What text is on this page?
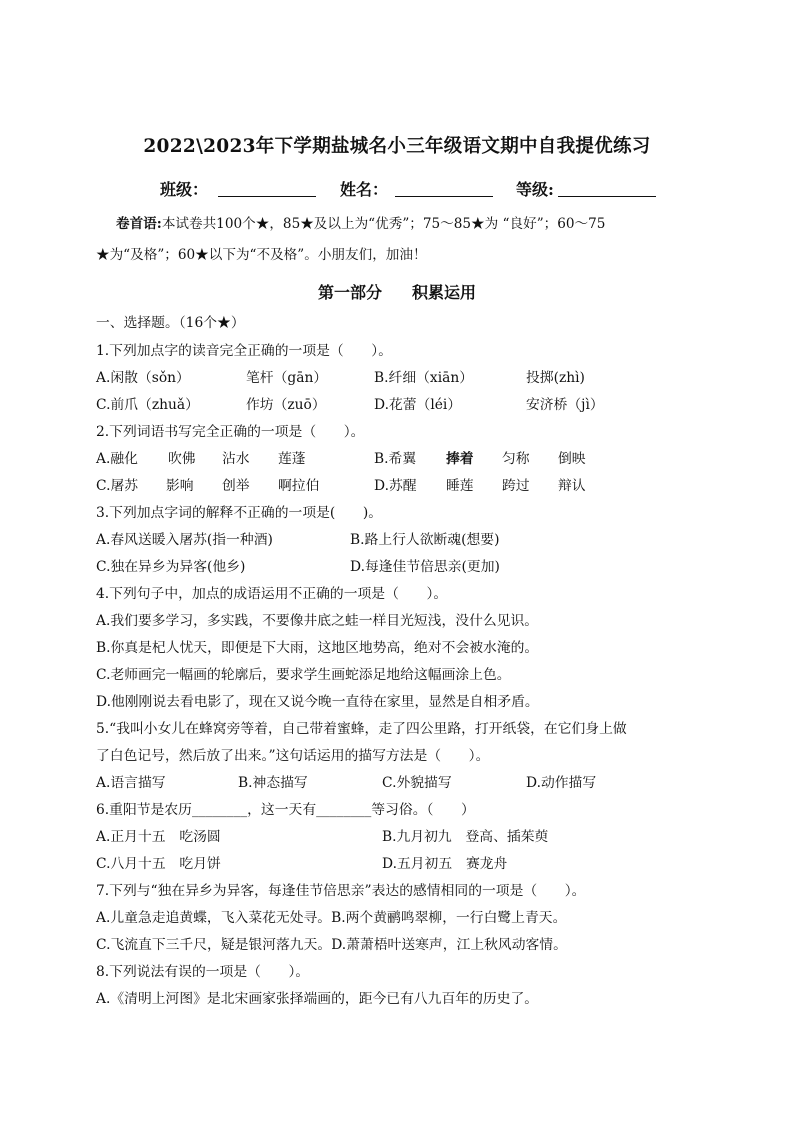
2022\2023年下学期盐城名小三年级语文期中自我提优练习
班级：	姓名：	等级:
卷首语:本试卷共100个★，85★及以上为“优秀”；75～85★为 “良好”；60～75
★为“及格”；60★以下为“不及格”。小朋友们，加油！
第一部分 积累运用
一、选择题。（16个★）
1.下列加点字的读音完全正确的一项是（　　）。
A.闲散（sǒn）	笔杆（gān）	B.纤细（xiān）	投掷(zhì)
C.前爪（zhuǎ）	作坊（zuō）	D.花蕾（léi）	安济桥（jì）
2.下列词语书写完全正确的一项是（　　）。
A.融化 吹佛 沾水 莲蓬	B.希翼 捧着 匀称 倒映
C.屠苏 影响 创举 啊拉伯	D.苏醒 睡莲 跨过 辩认
3.下列加点字词的解释不正确的一项是(　　)。
A.春风送暖入屠苏(指一种酒)	B.路上行人欲断魂(想要)
C.独在异乡为异客(他乡)	D.每逢佳节倍思亲(更加)
4.下列句子中，加点的成语运用不正确的一项是（　　）。
A.我们要多学习，多实践，不要像井底之蛙一样目光短浅，没什么见识。
B.你真是杞人忧天，即便是下大雨，这地区地势高，绝对不会被水淹的。
C.老师画完一幅画的轮廓后，要求学生画蛇添足地给这幅画涂上色。
D.他刚刚说去看电影了，现在又说今晚一直待在家里，显然是自相矛盾。
5.“我叫小女儿在蜂窝旁等着，自己带着蜜蜂，走了四公里路，打开纸袋，在它们身上做
了白色记号，然后放了出来。”这句话运用的描写方法是（　　）。
A.语言描写	B.神态描写	C.外貌描写	D.动作描写
6.重阳节是农历________，这一天有________等习俗。（　　）
A.正月十五　吃汤圆	B.九月初九　登高、插茱萸
C.八月十五　吃月饼	D.五月初五　赛龙舟
7.下列与“独在异乡为异客，每逢佳节倍思亲”表达的感情相同的一项是（　　）。
A.儿童急走追黄蝶，飞入菜花无处寻。B.两个黄鹂鸣翠柳，一行白鹭上青天。
C.飞流直下三千尺，疑是银河落九天。D.萧萧梧叶送寒声，江上秋风动客情。
8.下列说法有误的一项是（　　）。
A.《清明上河图》是北宋画家张择端画的，距今已有八九百年的历史了。
